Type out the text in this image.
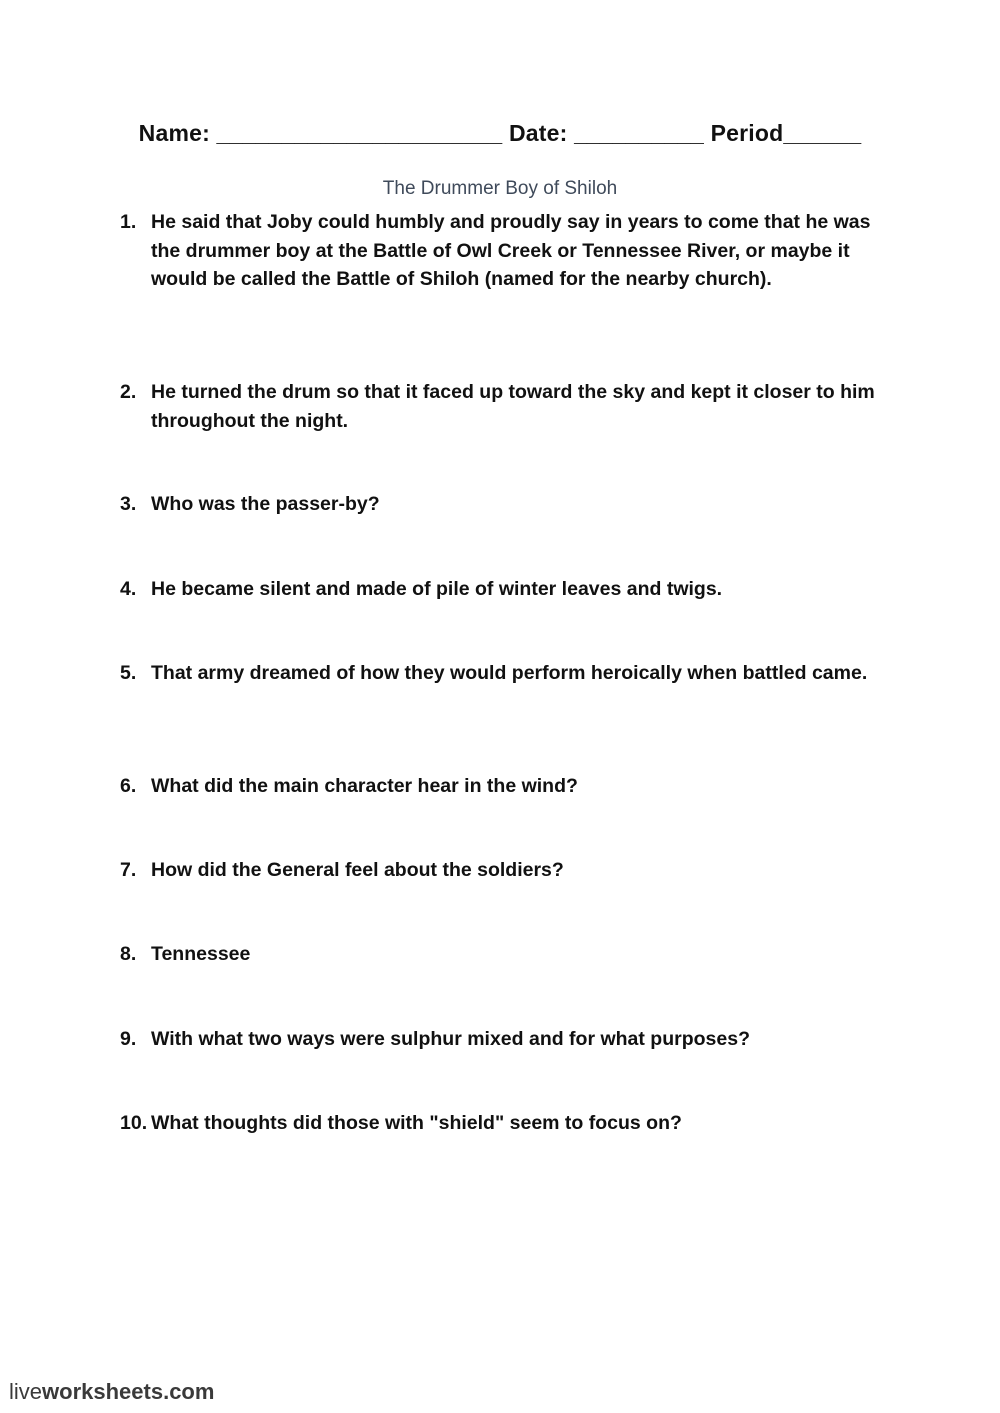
Name: ______________________ Date: __________ Period______
The Drummer Boy of Shiloh
1. He said that Joby could humbly and proudly say in years to come that he was the drummer boy at the Battle of Owl Creek or Tennessee River, or maybe it would be called the Battle of Shiloh (named for the nearby church).
2. He turned the drum so that it faced up toward the sky and kept it closer to him throughout the night.
3. Who was the passer-by?
4. He became silent and made of pile of winter leaves and twigs.
5. That army dreamed of how they would perform heroically when battled came.
6. What did the main character hear in the wind?
7. How did the General feel about the soldiers?
8. Tennessee
9. With what two ways were sulphur mixed and for what purposes?
10. What thoughts did those with "shield" seem to focus on?
liveworksheets.com
